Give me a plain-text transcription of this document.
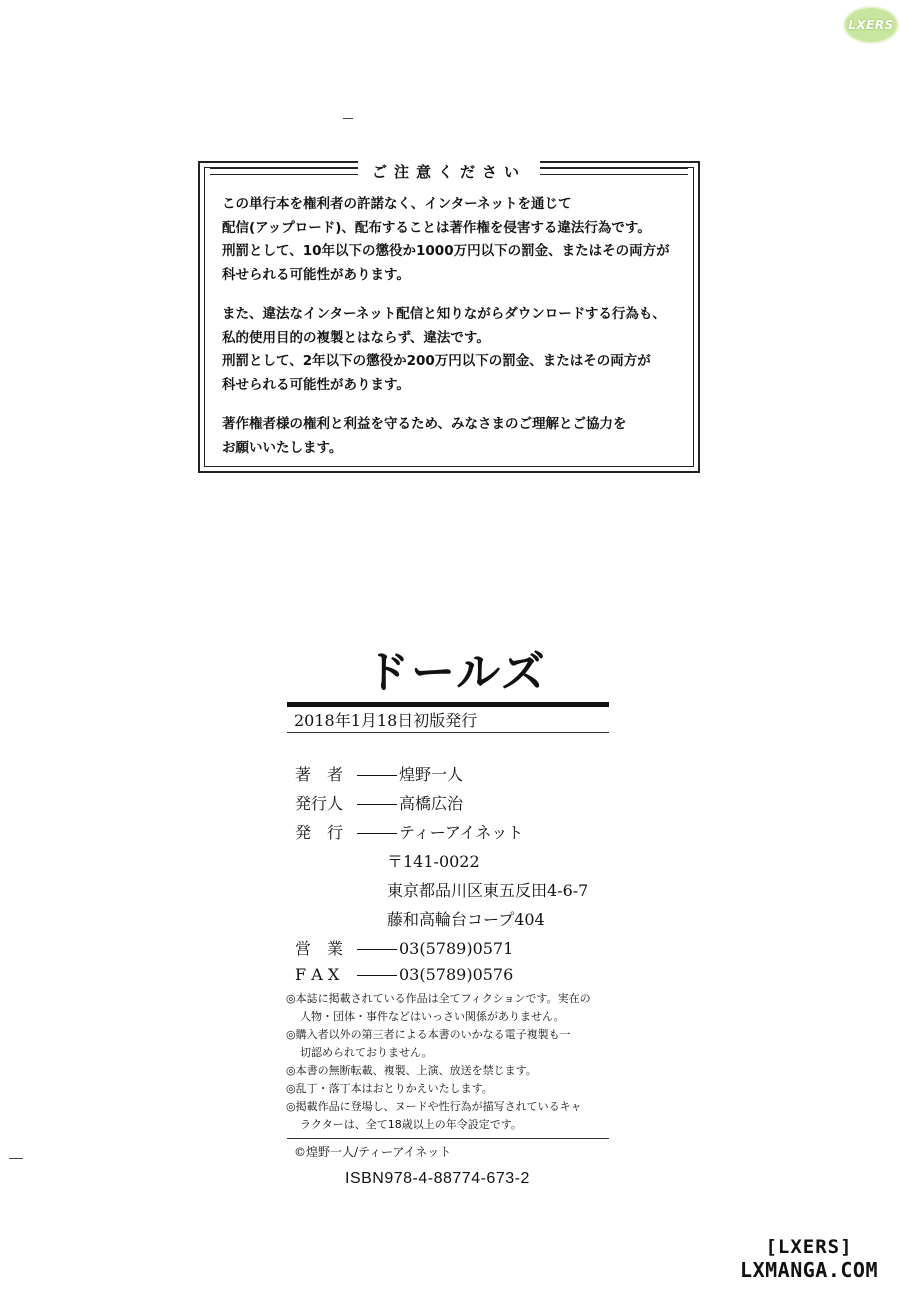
LXERS
ご注意ください

この単行本を権利者の許諾なく、インターネットを通じて
配信(アップロード)、配布することは著作権を侵害する違法行為です。
刑罰として、10年以下の懲役か1000万円以下の罰金、またはその両方が
科せられる可能性があります。

また、違法なインターネット配信と知りながらダウンロードする行為も、
私的使用目的の複製とはならず、違法です。
刑罰として、2年以下の懲役か200万円以下の罰金、またはその両方が
科せられる可能性があります。

著作権者様の権利と利益を守るため、みなさまのご理解とご協力を
お願いいたします。

ドールズ
2018年1月18日初版発行
著　者	煌野一人
発行人	高橋広治
発　行	ティーアイネット
〒141-0022
東京都品川区東五反田4-6-7
藤和高輪台コープ404
営　業	03(5789)0571
F A X	03(5789)0576
◎本誌に掲載されている作品は全てフィクションです。実在の
人物・団体・事件などはいっさい関係がありません。
◎購入者以外の第三者による本書のいかなる電子複製も一
切認められておりません。
◎本書の無断転載、複製、上演、放送を禁じます。
◎乱丁・落丁本はおとりかえいたします。
◎掲載作品に登場し、ヌードや性行為が描写されているキャ
ラクターは、全て18歳以上の年令設定です。
©煌野一人/ティーアイネット
ISBN978-4-88774-673-2
[LXERS]
LXMANGA.COM
